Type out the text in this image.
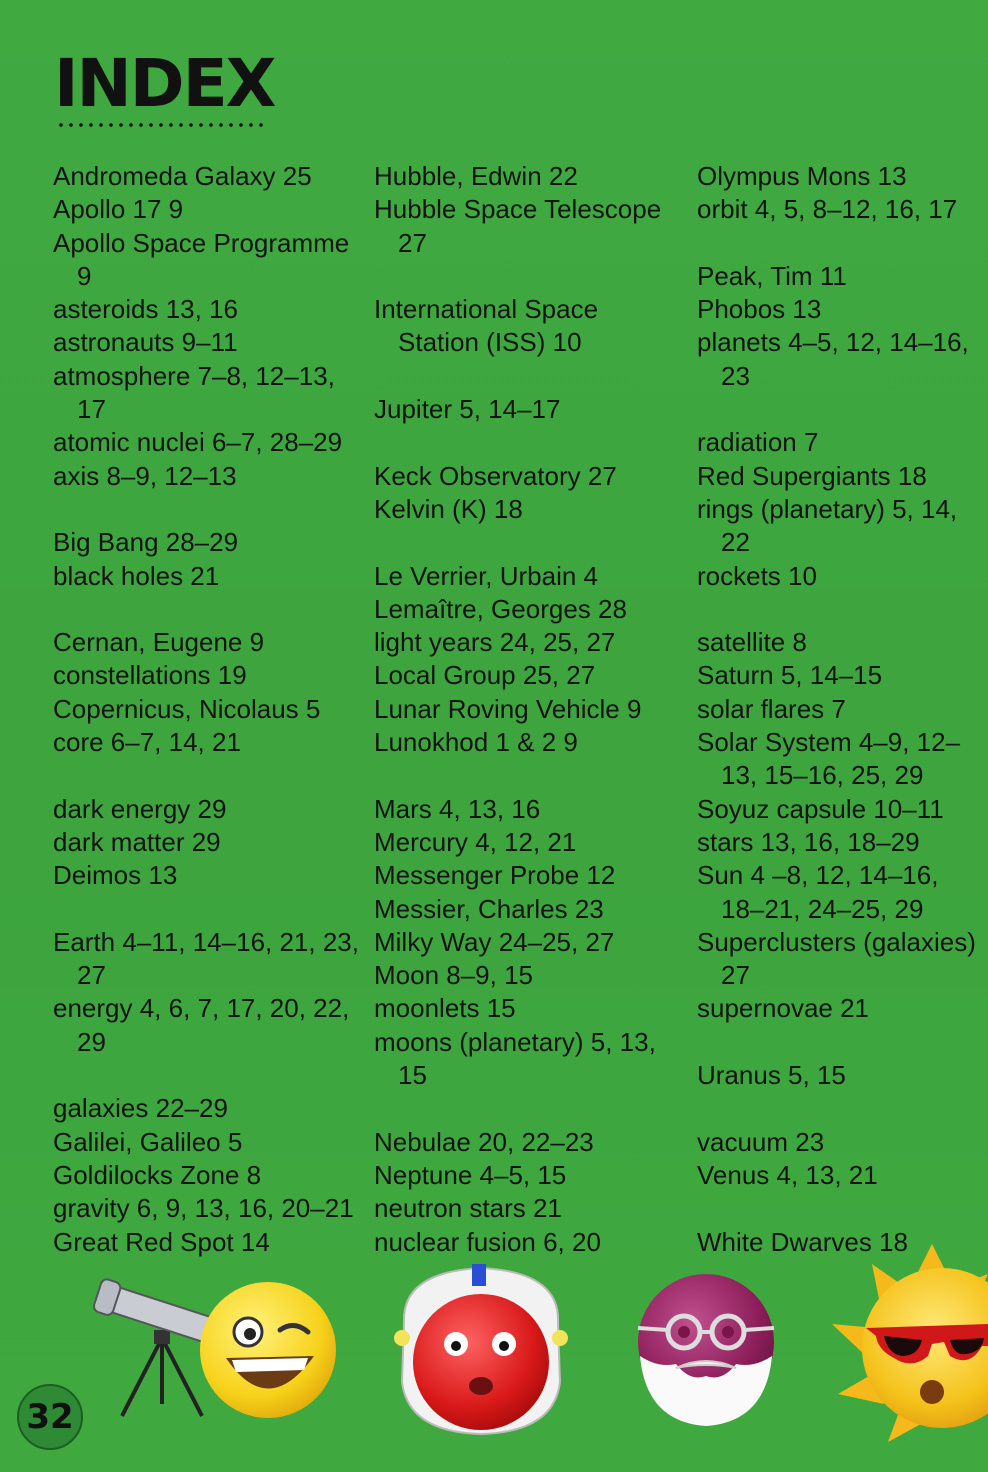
INDEX
Andromeda Galaxy 25
Apollo 17 9
Apollo Space Programme 9
asteroids 13, 16
astronauts 9–11
atmosphere 7–8, 12–13, 17
atomic nuclei 6–7, 28–29
axis 8–9, 12–13
Big Bang 28–29
black holes 21
Cernan, Eugene 9
constellations 19
Copernicus, Nicolaus 5
core 6–7, 14, 21
dark energy 29
dark matter 29
Deimos 13
Earth 4–11, 14–16, 21, 23, 27
energy 4, 6, 7, 17, 20, 22, 29
galaxies 22–29
Galilei, Galileo 5
Goldilocks Zone 8
gravity 6, 9, 13, 16, 20–21
Great Red Spot 14
Hubble, Edwin 22
Hubble Space Telescope 27
International Space Station (ISS) 10
Jupiter 5, 14–17
Keck Observatory 27
Kelvin (K) 18
Le Verrier, Urbain 4
Lemaître, Georges 28
light years 24, 25, 27
Local Group 25, 27
Lunar Roving Vehicle 9
Lunokhod 1 & 2 9
Mars 4, 13, 16
Mercury 4, 12, 21
Messenger Probe 12
Messier, Charles 23
Milky Way 24–25, 27
Moon 8–9, 15
moonlets 15
moons (planetary) 5, 13, 15
Nebulae 20, 22–23
Neptune 4–5, 15
neutron stars 21
nuclear fusion 6, 20
Olympus Mons 13
orbit 4, 5, 8–12, 16, 17
Peak, Tim 11
Phobos 13
planets 4–5, 12, 14–16, 23
radiation 7
Red Supergiants 18
rings (planetary) 5, 14, 22
rockets 10
satellite 8
Saturn 5, 14–15
solar flares 7
Solar System 4–9, 12–13, 15–16, 25, 29
Soyuz capsule 10–11
stars 13, 16, 18–29
Sun 4 –8, 12, 14–16, 18–21, 24–25, 29
Superclusters (galaxies) 27
supernovae 21
Uranus 5, 15
vacuum 23
Venus 4, 13, 21
White Dwarves 18
32
